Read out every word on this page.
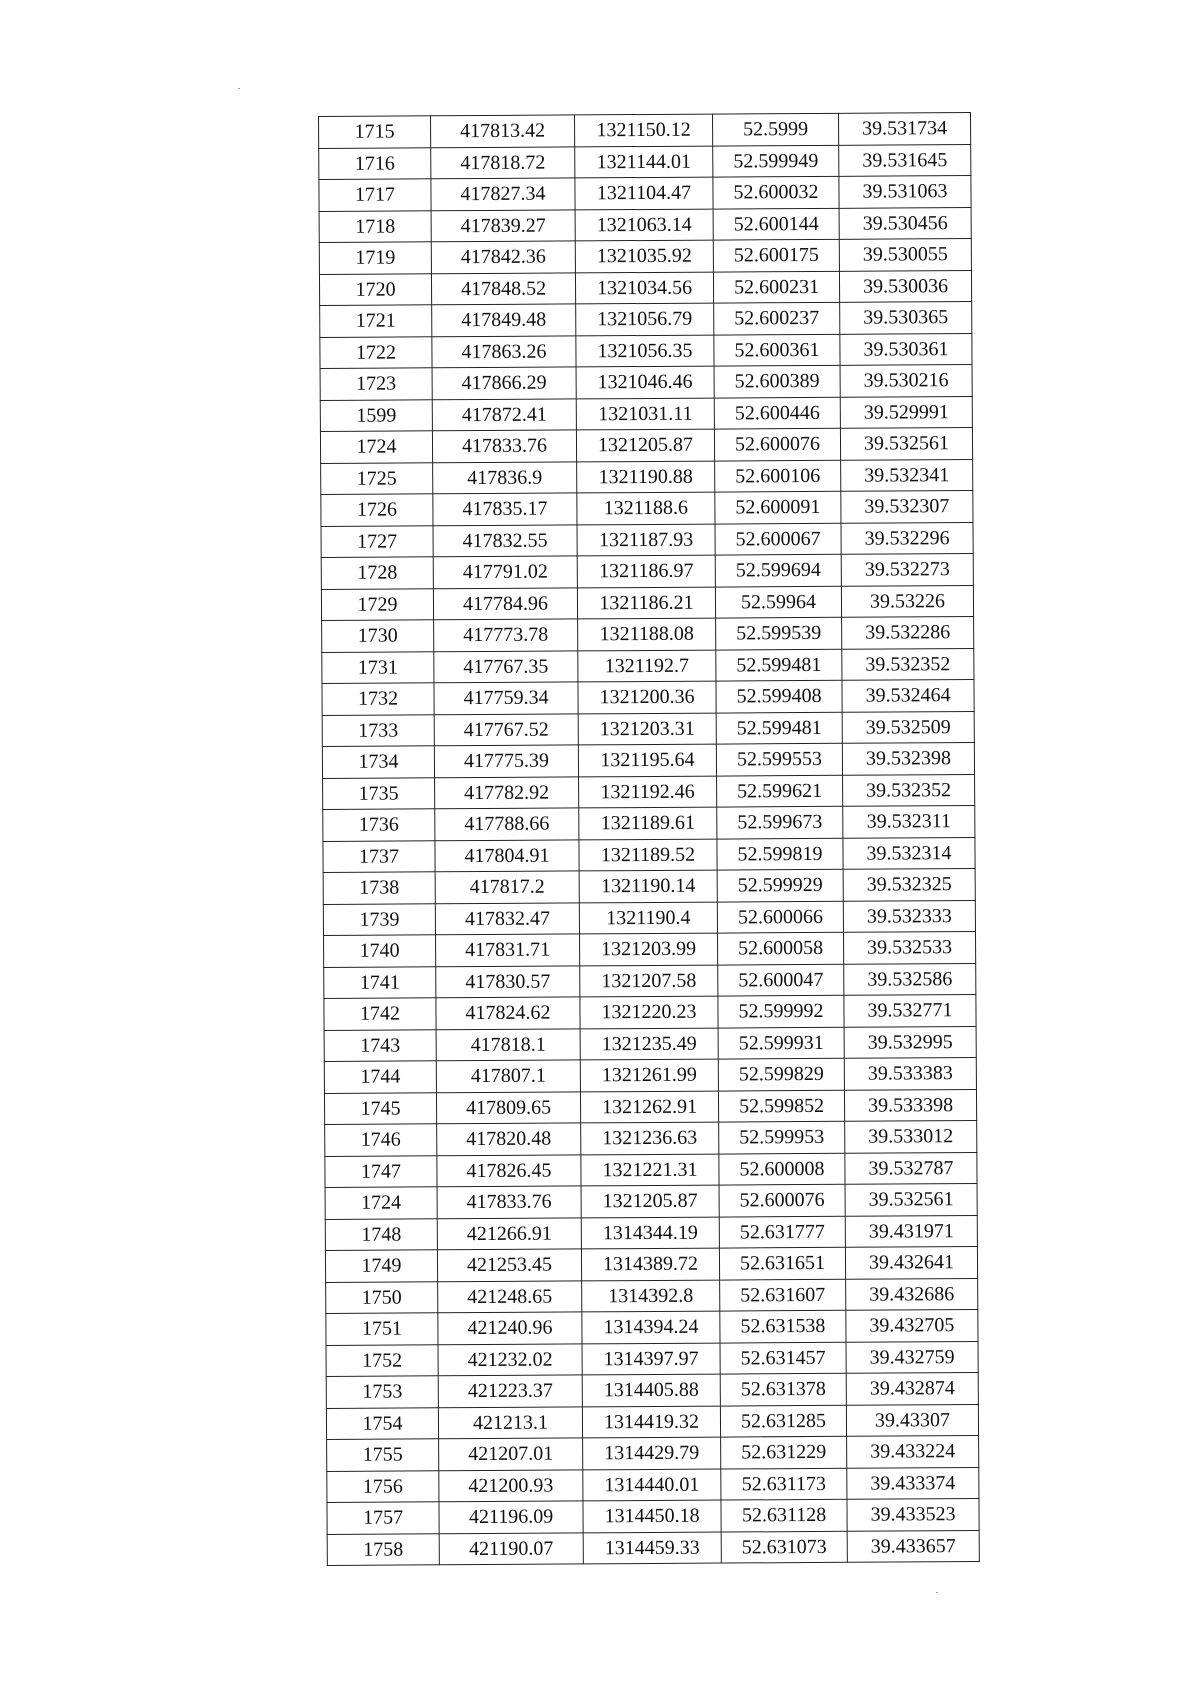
1715	417813.42	1321150.12	52.5999	39.531734
1716	417818.72	1321144.01	52.599949	39.531645
1717	417827.34	1321104.47	52.600032	39.531063
1718	417839.27	1321063.14	52.600144	39.530456
1719	417842.36	1321035.92	52.600175	39.530055
1720	417848.52	1321034.56	52.600231	39.530036
1721	417849.48	1321056.79	52.600237	39.530365
1722	417863.26	1321056.35	52.600361	39.530361
1723	417866.29	1321046.46	52.600389	39.530216
1599	417872.41	1321031.11	52.600446	39.529991
1724	417833.76	1321205.87	52.600076	39.532561
1725	417836.9	1321190.88	52.600106	39.532341
1726	417835.17	1321188.6	52.600091	39.532307
1727	417832.55	1321187.93	52.600067	39.532296
1728	417791.02	1321186.97	52.599694	39.532273
1729	417784.96	1321186.21	52.59964	39.53226
1730	417773.78	1321188.08	52.599539	39.532286
1731	417767.35	1321192.7	52.599481	39.532352
1732	417759.34	1321200.36	52.599408	39.532464
1733	417767.52	1321203.31	52.599481	39.532509
1734	417775.39	1321195.64	52.599553	39.532398
1735	417782.92	1321192.46	52.599621	39.532352
1736	417788.66	1321189.61	52.599673	39.532311
1737	417804.91	1321189.52	52.599819	39.532314
1738	417817.2	1321190.14	52.599929	39.532325
1739	417832.47	1321190.4	52.600066	39.532333
1740	417831.71	1321203.99	52.600058	39.532533
1741	417830.57	1321207.58	52.600047	39.532586
1742	417824.62	1321220.23	52.599992	39.532771
1743	417818.1	1321235.49	52.599931	39.532995
1744	417807.1	1321261.99	52.599829	39.533383
1745	417809.65	1321262.91	52.599852	39.533398
1746	417820.48	1321236.63	52.599953	39.533012
1747	417826.45	1321221.31	52.600008	39.532787
1724	417833.76	1321205.87	52.600076	39.532561
1748	421266.91	1314344.19	52.631777	39.431971
1749	421253.45	1314389.72	52.631651	39.432641
1750	421248.65	1314392.8	52.631607	39.432686
1751	421240.96	1314394.24	52.631538	39.432705
1752	421232.02	1314397.97	52.631457	39.432759
1753	421223.37	1314405.88	52.631378	39.432874
1754	421213.1	1314419.32	52.631285	39.43307
1755	421207.01	1314429.79	52.631229	39.433224
1756	421200.93	1314440.01	52.631173	39.433374
1757	421196.09	1314450.18	52.631128	39.433523
1758	421190.07	1314459.33	52.631073	39.433657
